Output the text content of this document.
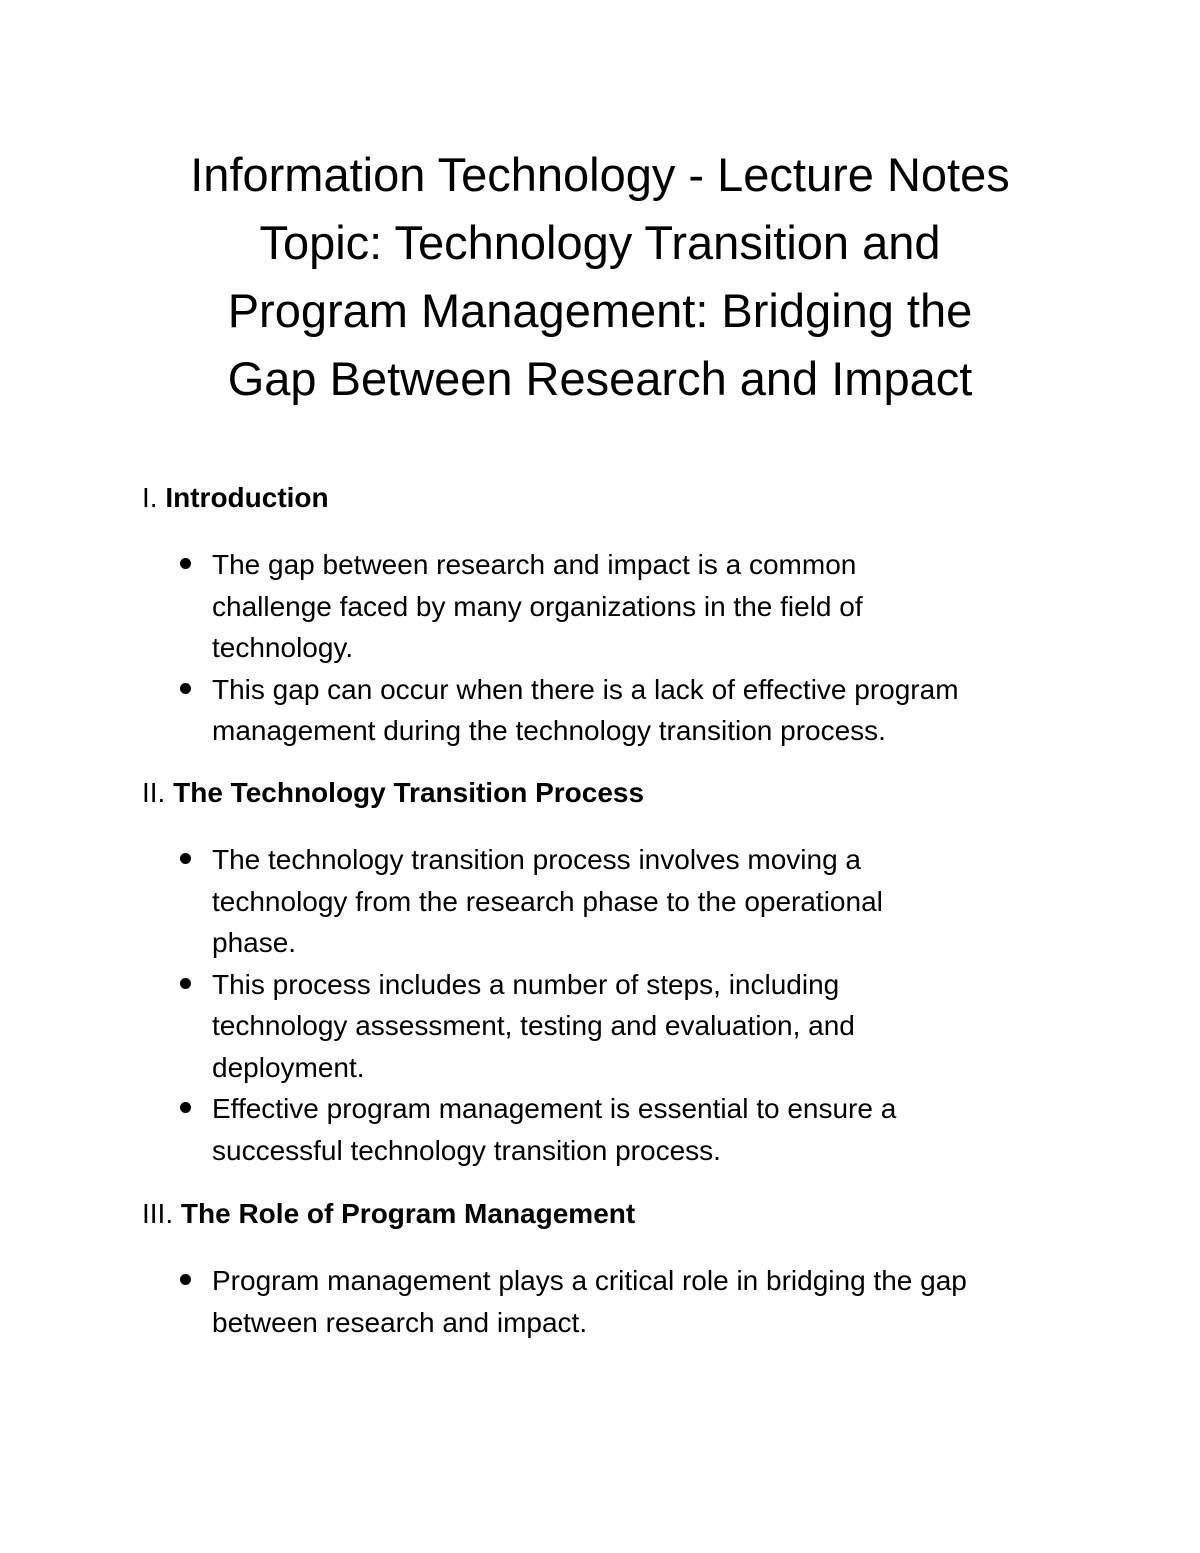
Information Technology - Lecture Notes
Topic: Technology Transition and
Program Management: Bridging the
Gap Between Research and Impact

I. Introduction

The gap between research and impact is a common
challenge faced by many organizations in the field of
technology.
This gap can occur when there is a lack of effective program
management during the technology transition process.

II. The Technology Transition Process

The technology transition process involves moving a
technology from the research phase to the operational
phase.
This process includes a number of steps, including
technology assessment, testing and evaluation, and
deployment.
Effective program management is essential to ensure a
successful technology transition process.

III. The Role of Program Management

Program management plays a critical role in bridging the gap
between research and impact.
